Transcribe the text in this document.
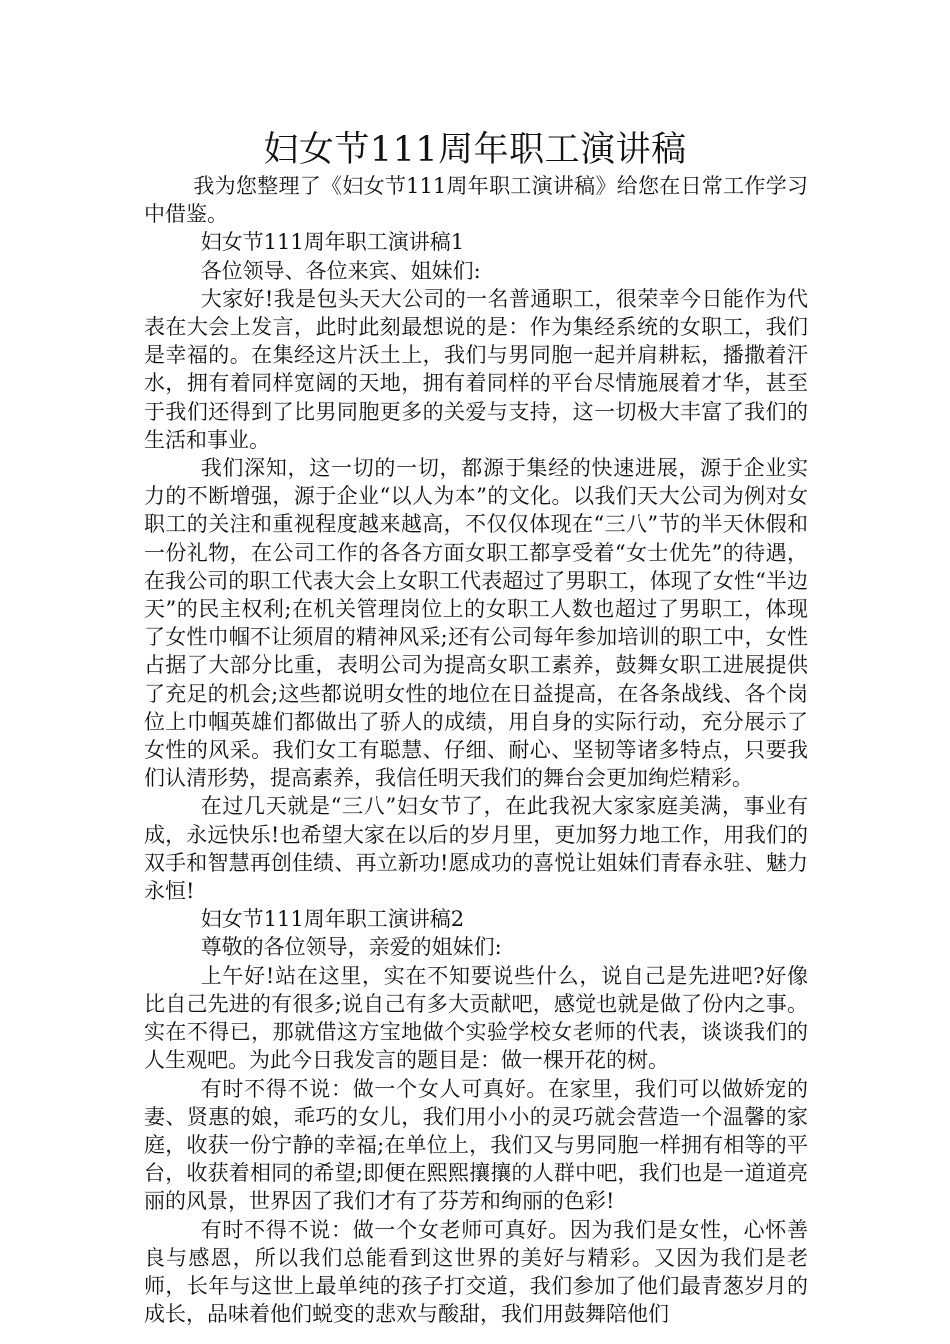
妇女节111周年职工演讲稿

我为您整理了《妇女节111周年职工演讲稿》给您在日常工作学习中借鉴。

妇女节111周年职工演讲稿1

各位领导、各位来宾、姐妹们:

大家好!我是包头天大公司的一名普通职工，很荣幸今日能作为代表在大会上发言，此时此刻最想说的是：作为集经系统的女职工，我们是幸福的。在集经这片沃土上，我们与男同胞一起并肩耕耘，播撒着汗水，拥有着同样宽阔的天地，拥有着同样的平台尽情施展着才华，甚至于我们还得到了比男同胞更多的关爱与支持，这一切极大丰富了我们的生活和事业。

我们深知，这一切的一切，都源于集经的快速进展，源于企业实力的不断增强，源于企业“以人为本”的文化。以我们天大公司为例对女职工的关注和重视程度越来越高，不仅仅体现在“三八”节的半天休假和一份礼物，在公司工作的各各方面女职工都享受着“女士优先”的待遇，在我公司的职工代表大会上女职工代表超过了男职工，体现了女性“半边天”的民主权利;在机关管理岗位上的女职工人数也超过了男职工，体现了女性巾帼不让须眉的精神风采;还有公司每年参加培训的职工中，女性占据了大部分比重，表明公司为提高女职工素养，鼓舞女职工进展提供了充足的机会;这些都说明女性的地位在日益提高，在各条战线、各个岗位上巾帼英雄们都做出了骄人的成绩，用自身的实际行动，充分展示了女性的风采。我们女工有聪慧、仔细、耐心、坚韧等诸多特点，只要我们认清形势，提高素养，我信任明天我们的舞台会更加绚烂精彩。

在过几天就是“三八”妇女节了，在此我祝大家家庭美满，事业有成，永远快乐!也希望大家在以后的岁月里，更加努力地工作，用我们的双手和智慧再创佳绩、再立新功!愿成功的喜悦让姐妹们青春永驻、魅力永恒!

妇女节111周年职工演讲稿2

尊敬的各位领导，亲爱的姐妹们:

上午好!站在这里，实在不知要说些什么，说自己是先进吧?好像比自己先进的有很多;说自己有多大贡献吧，感觉也就是做了份内之事。实在不得已，那就借这方宝地做个实验学校女老师的代表，谈谈我们的人生观吧。为此今日我发言的题目是：做一棵开花的树。

有时不得不说：做一个女人可真好。在家里，我们可以做娇宠的妻、贤惠的娘，乖巧的女儿，我们用小小的灵巧就会营造一个温馨的家庭，收获一份宁静的幸福;在单位上，我们又与男同胞一样拥有相等的平台，收获着相同的希望;即便在熙熙攘攘的人群中吧，我们也是一道道亮丽的风景，世界因了我们才有了芬芳和绚丽的色彩!

有时不得不说：做一个女老师可真好。因为我们是女性，心怀善良与感恩，所以我们总能看到这世界的美好与精彩。又因为我们是老师，长年与这世上最单纯的孩子打交道，我们参加了他们最青葱岁月的成长，品味着他们蜕变的悲欢与酸甜，我们用鼓舞陪他们
